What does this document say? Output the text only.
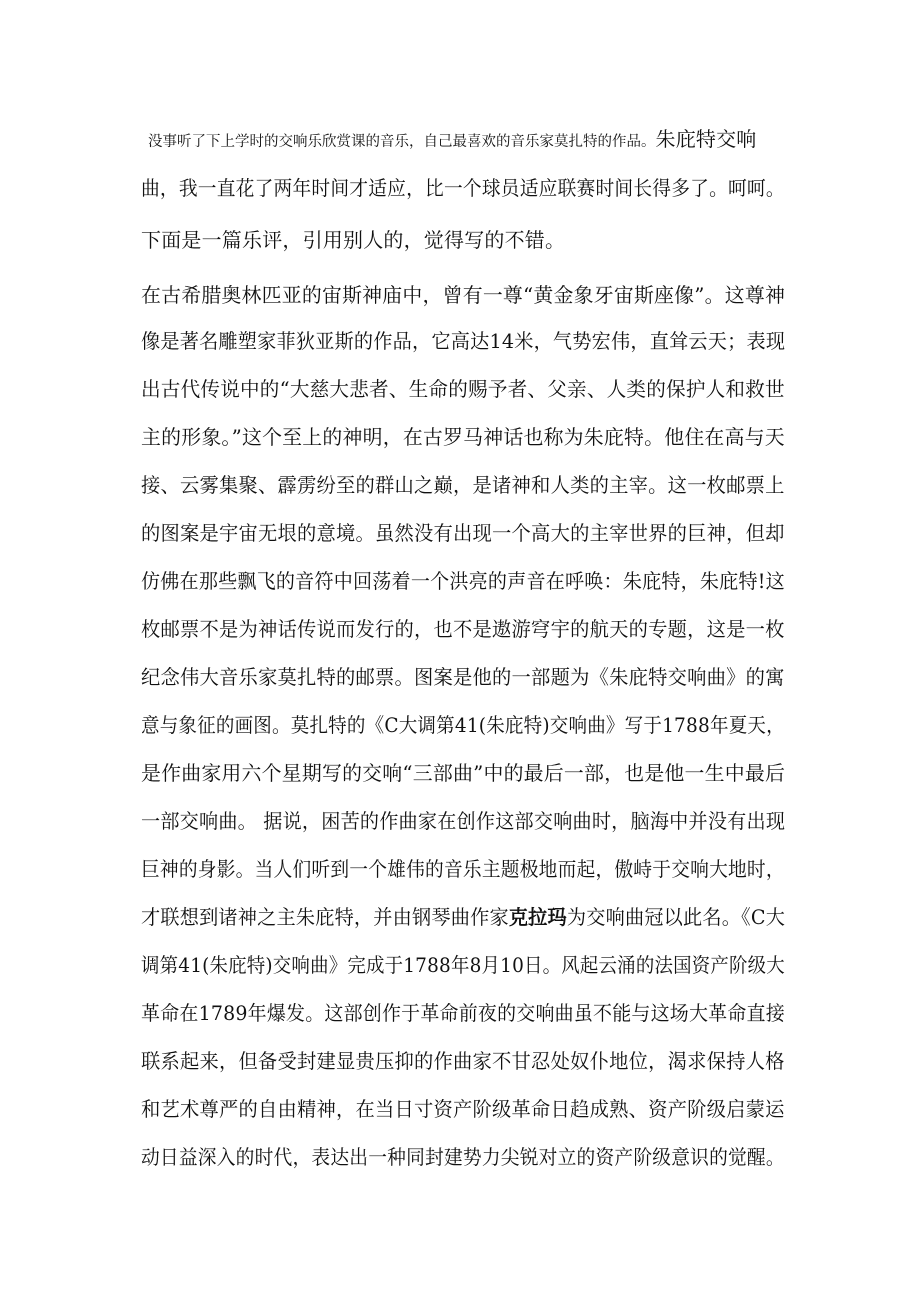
没事听了下上学时的交响乐欣赏课的音乐，自己最喜欢的音乐家莫扎特的作品。朱庇特交响
曲，我一直花了两年时间才适应，比一个球员适应联赛时间长得多了。呵呵。
下面是一篇乐评，引用别人的，觉得写的不错。
在古希腊奥林匹亚的宙斯神庙中，曾有一尊“黄金象牙宙斯座像”。这尊神
像是著名雕塑家菲狄亚斯的作品，它高达14米，气势宏伟，直耸云天；表现
出古代传说中的“大慈大悲者、生命的赐予者、父亲、人类的保护人和救世
主的形象。”这个至上的神明，在古罗马神话也称为朱庇特。他住在高与天
接、云雾集聚、霹雳纷至的群山之巅，是诸神和人类的主宰。这一枚邮票上
的图案是宇宙无垠的意境。虽然没有出现一个高大的主宰世界的巨神，但却
仿佛在那些飘飞的音符中回荡着一个洪亮的声音在呼唤：朱庇特，朱庇特!这
枚邮票不是为神话传说而发行的，也不是遨游穹宇的航天的专题，这是一枚
纪念伟大音乐家莫扎特的邮票。图案是他的一部题为《朱庇特交响曲》的寓
意与象征的画图。莫扎特的《C大调第41(朱庇特)交响曲》写于1788年夏天，
是作曲家用六个星期写的交响“三部曲”中的最后一部，也是他一生中最后
一部交响曲。 据说，困苦的作曲家在创作这部交响曲时，脑海中并没有出现
巨神的身影。当人们听到一个雄伟的音乐主题极地而起，傲峙于交响大地时，
才联想到诸神之主朱庇特，并由钢琴曲作家克拉玛为交响曲冠以此名。《C大
调第41(朱庇特)交响曲》完成于1788年8月10日。风起云涌的法国资产阶级大
革命在1789年爆发。这部创作于革命前夜的交响曲虽不能与这场大革命直接
联系起来，但备受封建显贵压抑的作曲家不甘忍处奴仆地位，渴求保持人格
和艺术尊严的自由精神，在当日寸资产阶级革命日趋成熟、资产阶级启蒙运
动日益深入的时代，表达出一种同封建势力尖锐对立的资产阶级意识的觉醒。
